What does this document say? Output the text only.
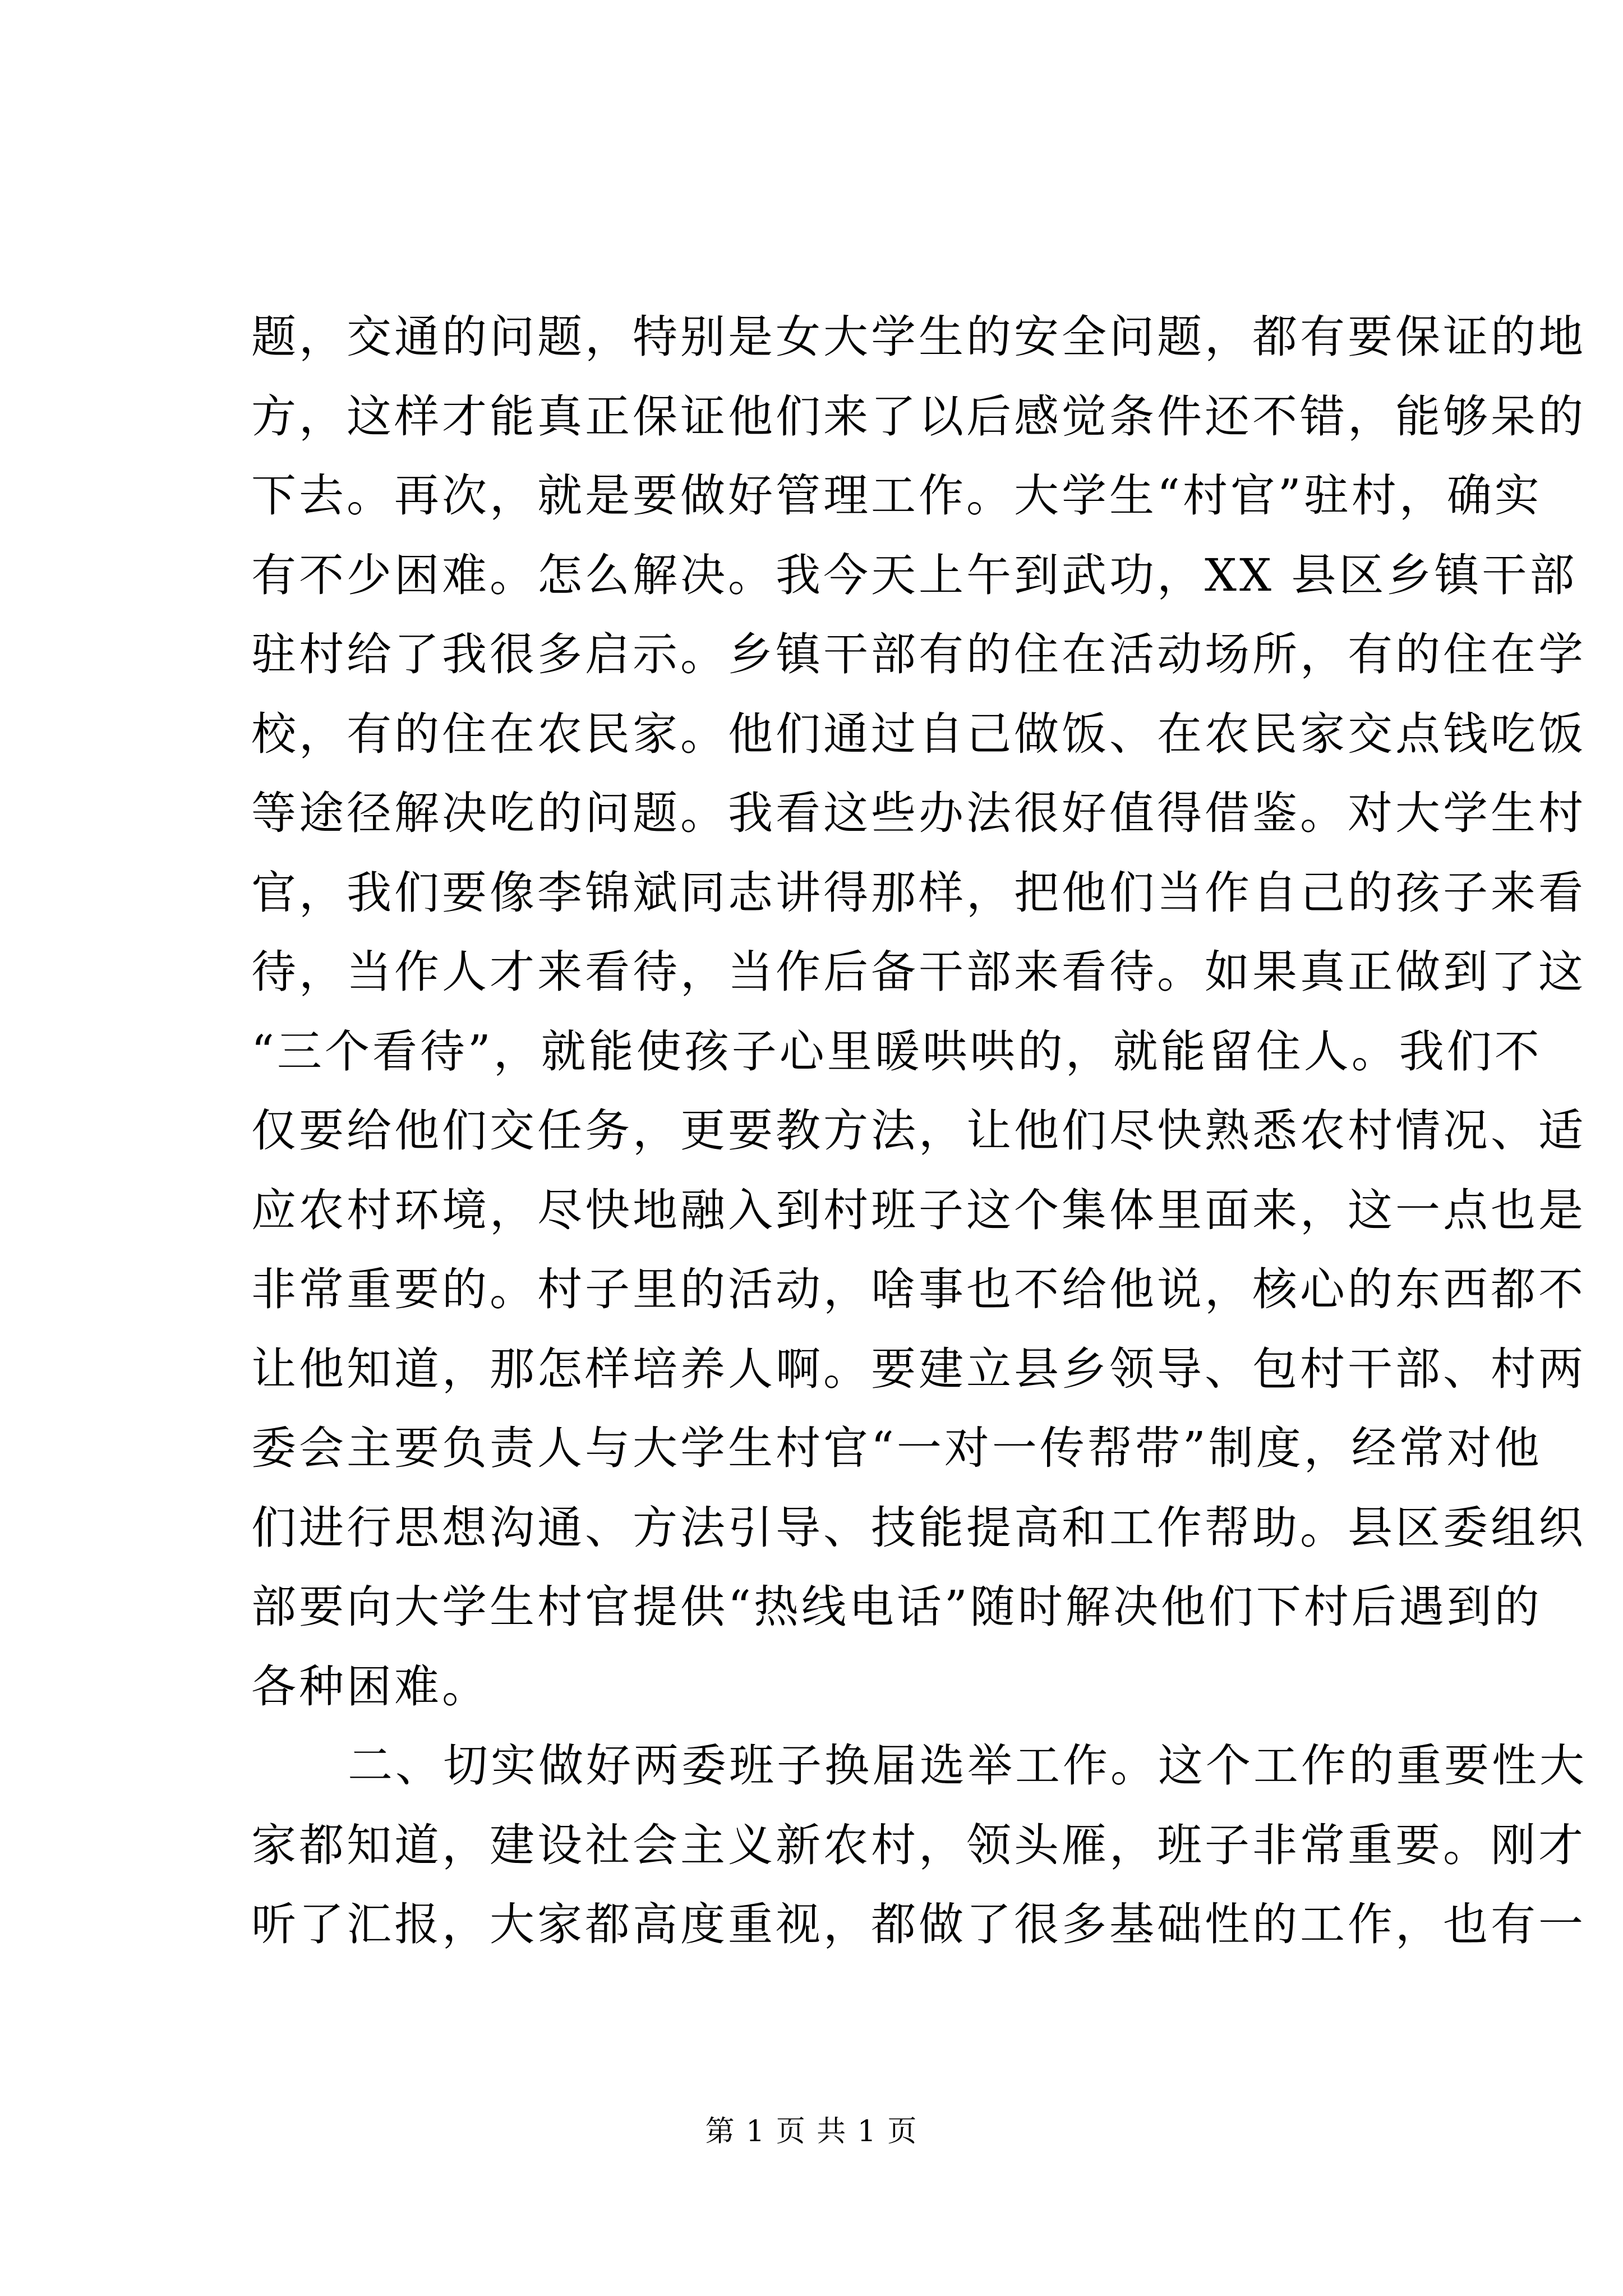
题，交通的问题，特别是女大学生的安全问题，都有要保证的地
方，这样才能真正保证他们来了以后感觉条件还不错，能够呆的
下去。再次，就是要做好管理工作。大学生“村官”驻村，确实
有不少困难。怎么解决。我今天上午到武功，XX 县区乡镇干部
驻村给了我很多启示。乡镇干部有的住在活动场所，有的住在学
校，有的住在农民家。他们通过自己做饭、在农民家交点钱吃饭
等途径解决吃的问题。我看这些办法很好值得借鉴。对大学生村
官，我们要像李锦斌同志讲得那样，把他们当作自己的孩子来看
待，当作人才来看待，当作后备干部来看待。如果真正做到了这
“三个看待”，就能使孩子心里暖哄哄的，就能留住人。我们不
仅要给他们交任务，更要教方法，让他们尽快熟悉农村情况、适
应农村环境，尽快地融入到村班子这个集体里面来，这一点也是
非常重要的。村子里的活动，啥事也不给他说，核心的东西都不
让他知道，那怎样培养人啊。要建立县乡领导、包村干部、村两
委会主要负责人与大学生村官“一对一传帮带”制度，经常对他
们进行思想沟通、方法引导、技能提高和工作帮助。县区委组织
部要向大学生村官提供“热线电话”随时解决他们下村后遇到的
各种困难。
二、切实做好两委班子换届选举工作。这个工作的重要性大
家都知道，建设社会主义新农村，领头雁，班子非常重要。刚才
听了汇报，大家都高度重视，都做了很多基础性的工作，也有一
第 1 页 共 1 页
